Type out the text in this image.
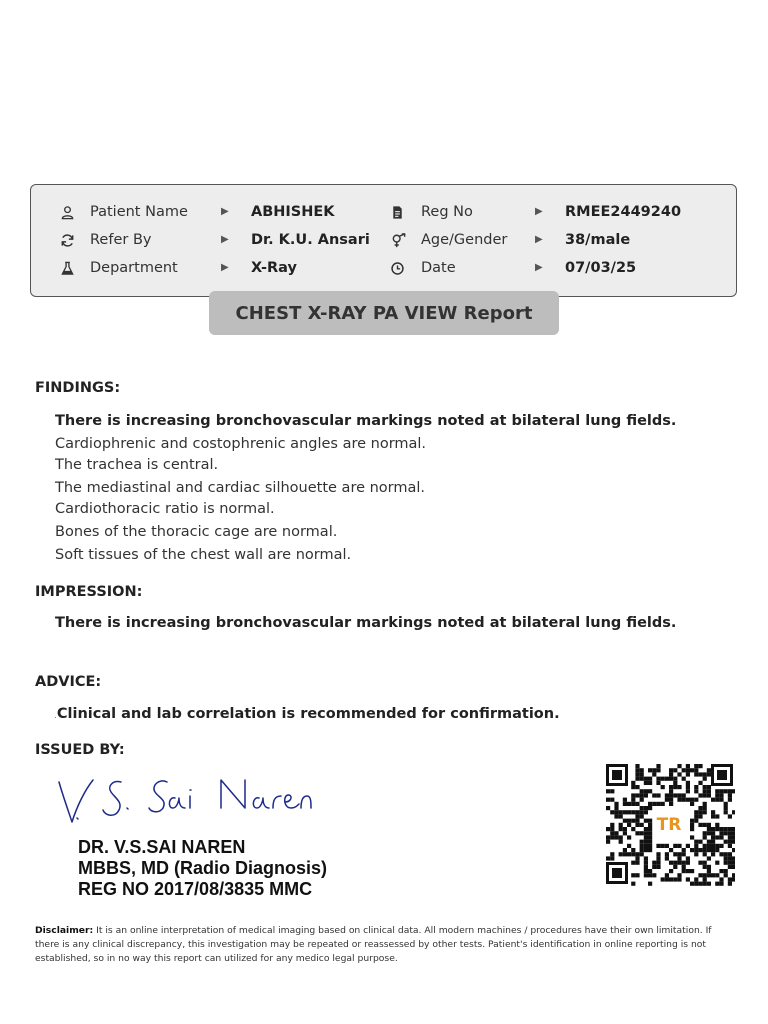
Patient Name	▶ ABHISHEK	Reg No	▶ RMEE2449240
Refer By	▶ Dr. K.U. Ansari	Age/Gender	▶ 38/male
Department	▶ X-Ray	Date	▶ 07/03/25
CHEST X-RAY PA VIEW Report
FINDINGS:
There is increasing bronchovascular markings noted at bilateral lung fields.
Cardiophrenic and costophrenic angles are normal.
The trachea is central.
The mediastinal and cardiac silhouette are normal.
Cardiothoracic ratio is normal.
Bones of the thoracic cage are normal.
Soft tissues of the chest wall are normal.
IMPRESSION:
There is increasing bronchovascular markings noted at bilateral lung fields.
ADVICE:
.Clinical and lab correlation is recommended for confirmation.
ISSUED BY:
DR. V.S.SAI NAREN
MBBS, MD (Radio Diagnosis)
REG NO 2017/08/3835 MMC
TR
Disclaimer: It is an online interpretation of medical imaging based on clinical data. All modern machines / procedures have their own limitation. If there is any clinical discrepancy, this investigation may be repeated or reassessed by other tests. Patient's identification in online reporting is not established, so in no way this report can utilized for any medico legal purpose.
